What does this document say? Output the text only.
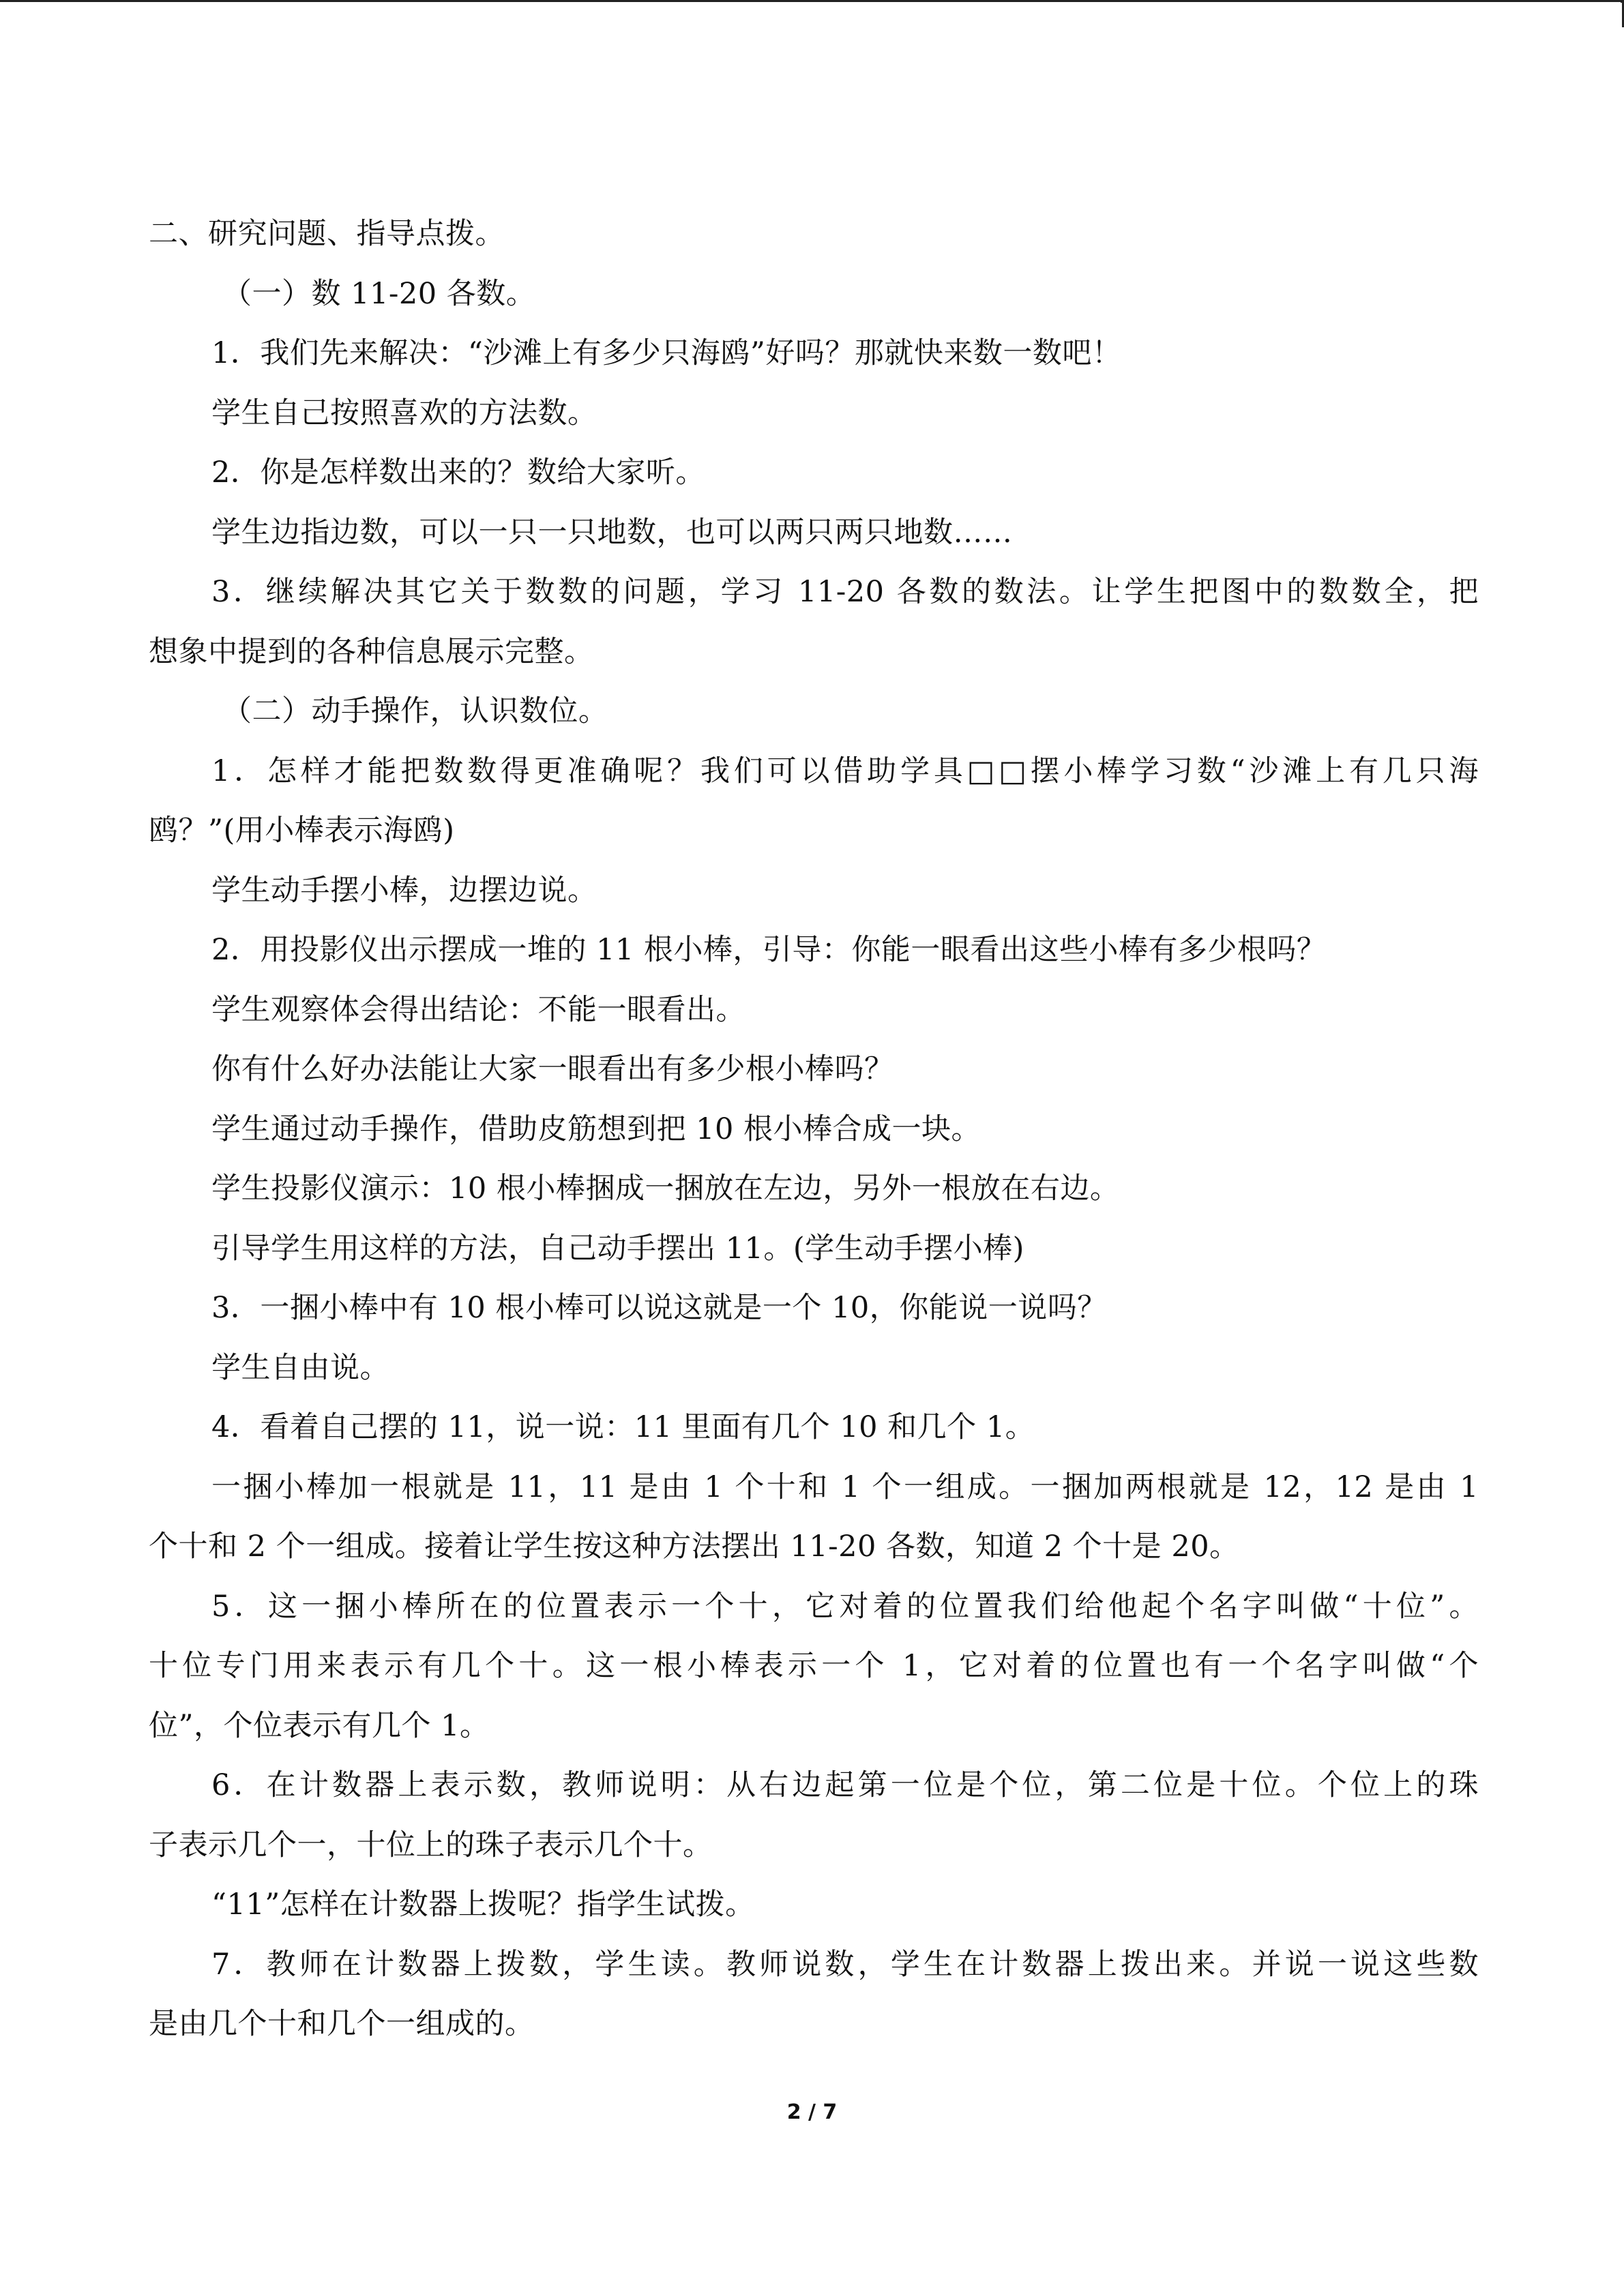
二、研究问题、指导点拨。
（一）数 11-20 各数。
1．我们先来解决：“沙滩上有多少只海鸥”好吗？那就快来数一数吧！
学生自己按照喜欢的方法数。
2．你是怎样数出来的？数给大家听。
学生边指边数，可以一只一只地数，也可以两只两只地数……
3．继续解决其它关于数数的问题，学习 11-20 各数的数法。让学生把图中的数数全，把
想象中提到的各种信息展示完整。
（二）动手操作，认识数位。
1．怎样才能把数数得更准确呢？我们可以借助学具□□摆小棒学习数“沙滩上有几只海
鸥？”(用小棒表示海鸥)
学生动手摆小棒，边摆边说。
2．用投影仪出示摆成一堆的 11 根小棒，引导：你能一眼看出这些小棒有多少根吗？
学生观察体会得出结论：不能一眼看出。
你有什么好办法能让大家一眼看出有多少根小棒吗？
学生通过动手操作，借助皮筋想到把 10 根小棒合成一块。
学生投影仪演示：10 根小棒捆成一捆放在左边，另外一根放在右边。
引导学生用这样的方法，自己动手摆出 11。(学生动手摆小棒)
3．一捆小棒中有 10 根小棒可以说这就是一个 10，你能说一说吗？
学生自由说。
4．看着自己摆的 11，说一说：11 里面有几个 10 和几个 1。
一捆小棒加一根就是 11，11 是由 1 个十和 1 个一组成。一捆加两根就是 12，12 是由 1
个十和 2 个一组成。接着让学生按这种方法摆出 11-20 各数，知道 2 个十是 20。
5．这一捆小棒所在的位置表示一个十，它对着的位置我们给他起个名字叫做“十位”。
十位专门用来表示有几个十。这一根小棒表示一个 1，它对着的位置也有一个名字叫做“个
位”，个位表示有几个 1。
6．在计数器上表示数，教师说明：从右边起第一位是个位，第二位是十位。个位上的珠
子表示几个一，十位上的珠子表示几个十。
“11”怎样在计数器上拨呢？指学生试拨。
7．教师在计数器上拨数，学生读。教师说数，学生在计数器上拨出来。并说一说这些数
是由几个十和几个一组成的。
2 / 7
